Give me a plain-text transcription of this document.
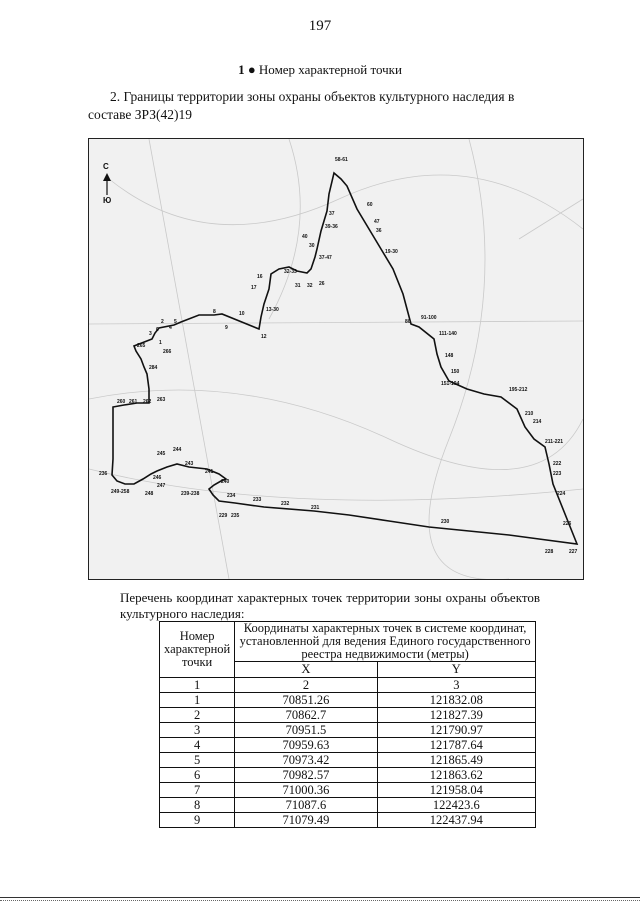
197
1 ● Номер характерной точки
2. Границы территории зоны охраны объектов культурного наследия в составе ЗРЗ(42)19
С
Ю
58-61
60
37
47
36
40
39-36
19-30
30
37-47
32-33
31 32 26
16
17
8	10
9
13-30
12
2
1
3
4
5
6
265
266
284
80
91-100
111-140
148
150
151-194
195-212
210
214
211-221
222
223
224
226
227
228
260 261 262 263
243
244
245
241
240
246
247
249-258	248	239-238	234
233
232
231
230
229 235
236
Перечень координат характерных точек территории зоны охраны объектов культурного наследия:
Номер характерной точки	Координаты характерных точек в системе координат, установленной для ведения Единого государственного реестра недвижимости (метры)	
	X	Y
1	2	3
1	70851.26	121832.08
2	70862.7	121827.39
3	70951.5	121790.97
4	70959.63	121787.64
5	70973.42	121865.49
6	70982.57	121863.62
7	71000.36	121958.04
8	71087.6	122423.6
9	71079.49	122437.94
